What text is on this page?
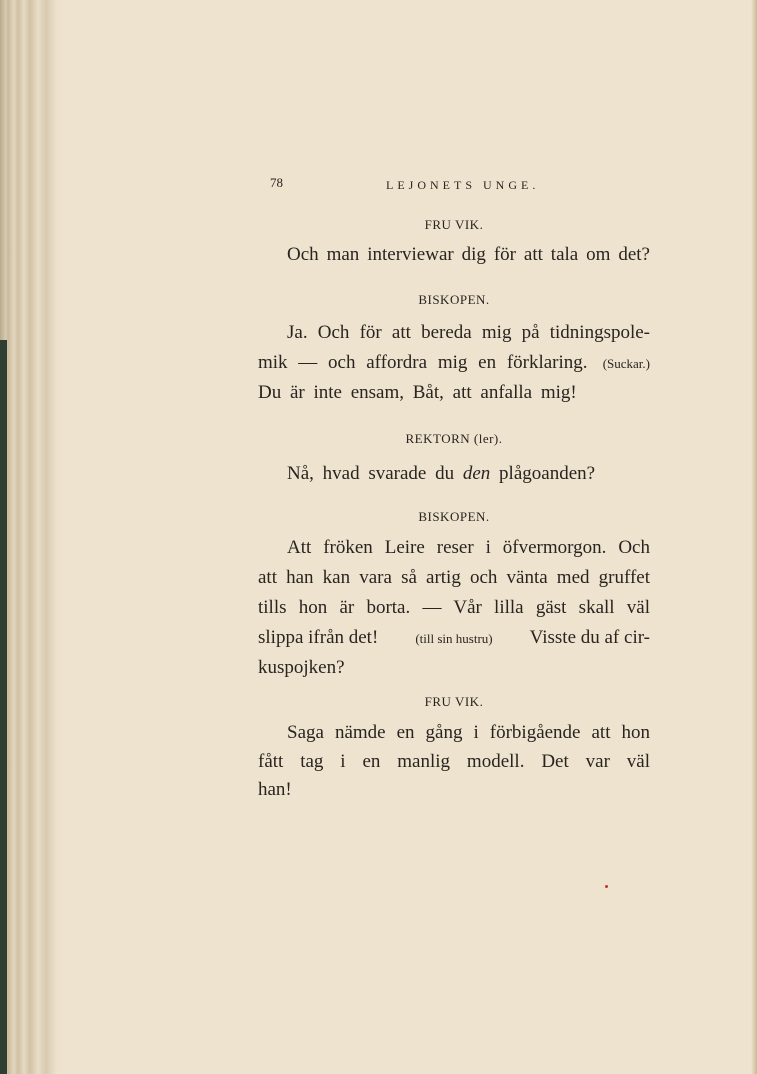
78	LEJONETS UNGE.
FRU VIK.
Och man interviewar dig för att tala om det?
BISKOPEN.
Ja. Och för att bereda mig på tidningspole-
mik — och affordra mig en förklaring. (Suckar.)
Du är inte ensam, Båt, att anfalla mig!
REKTORN (ler).
Nå, hvad svarade du den plågoanden?
BISKOPEN.
Att fröken Leire reser i öfvermorgon. Och
att han kan vara så artig och vänta med gruffet
tills hon är borta. — Vår lilla gäst skall väl
slippa ifrån det!	(till sin hustru) Visste du af cir-
kuspojken?
FRU VIK.
Saga nämde en gång i förbigående att hon
fått tag i en manlig modell. Det var väl
han!
